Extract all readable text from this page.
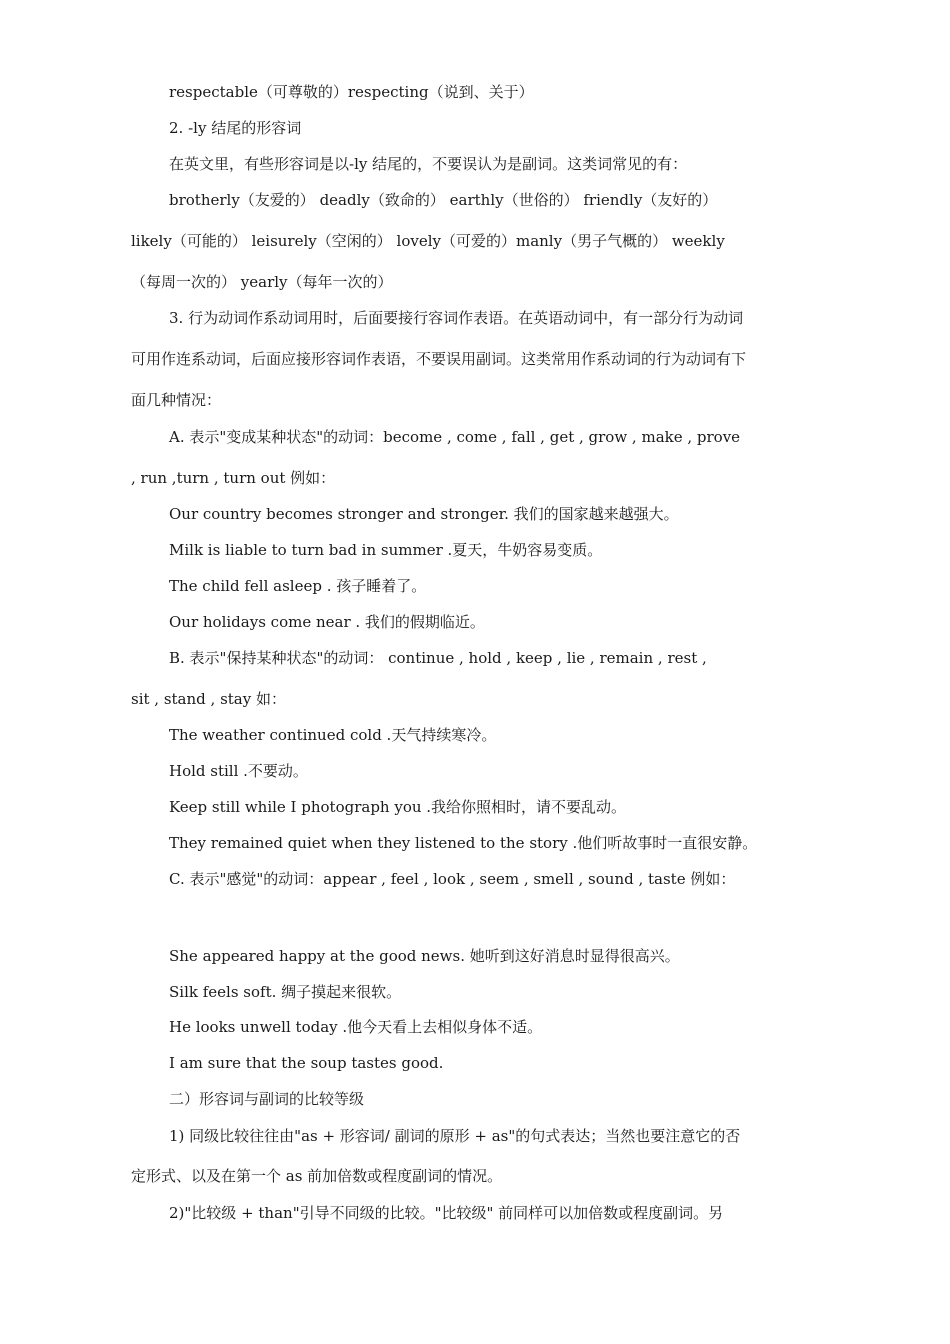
respectable（可尊敬的）respecting（说到、关于）
2. -ly 结尾的形容词
在英文里，有些形容词是以-ly 结尾的，不要误认为是副词。这类词常见的有：
brotherly（友爱的） deadly（致命的） earthly（世俗的） friendly（友好的）
likely（可能的） leisurely（空闲的） lovely（可爱的）manly（男子气概的） weekly
（每周一次的） yearly（每年一次的）
3. 行为动词作系动词用时，后面要接行容词作表语。在英语动词中，有一部分行为动词
可用作连系动词，后面应接形容词作表语，不要误用副词。这类常用作系动词的行为动词有下
面几种情况：
A. 表示"变成某种状态"的动词：become , come , fall , get , grow , make , prove
, run ,turn , turn out 例如：
Our country becomes stronger and stronger. 我们的国家越来越强大。
Milk is liable to turn bad in summer .夏天，牛奶容易变质。
The child fell asleep . 孩子睡着了。
Our holidays come near . 我们的假期临近。
B. 表示"保持某种状态"的动词： continue , hold , keep , lie , remain , rest ,
sit , stand , stay 如：
The weather continued cold .天气持续寒冷。
Hold still .不要动。
Keep still while I photograph you .我给你照相时，请不要乱动。
They remained quiet when they listened to the story .他们听故事时一直很安静。
C. 表示"感觉"的动词：appear , feel , look , seem , smell , sound , taste 例如：
She appeared happy at the good news. 她听到这好消息时显得很高兴。
Silk feels soft. 绸子摸起来很软。
He looks unwell today .他今天看上去相似身体不适。
I am sure that the soup tastes good.
二）形容词与副词的比较等级
1) 同级比较往往由"as + 形容词/ 副词的原形 + as"的句式表达；当然也要注意它的否
定形式、以及在第一个 as 前加倍数或程度副词的情况。
2)"比较级 + than"引导不同级的比较。"比较级" 前同样可以加倍数或程度副词。另
